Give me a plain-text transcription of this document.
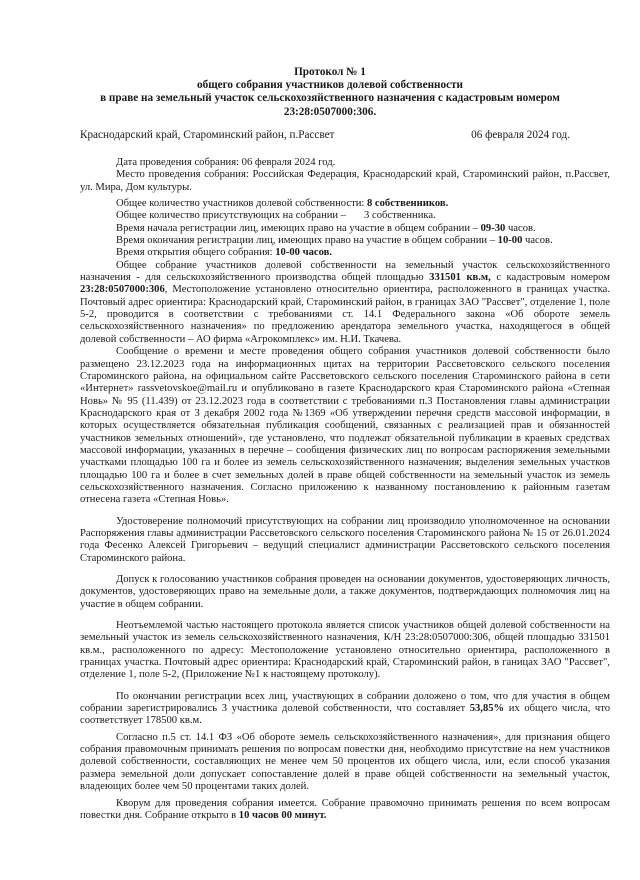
Протокол № 1
общего собрания участников долевой собственности
в праве на земельный участок сельскохозяйственного назначения с кадастровым номером
23:28:0507000:306.
Краснодарский край, Староминский район, п.Рассвет	06 февраля 2024 год.

Дата проведения собрания: 06 февраля 2024 год.

Место проведения собрания: Российская Федерация, Краснодарский край, Староминский район, п.Рассвет, ул. Мира, Дом культуры.

Общее количество участников долевой собственности: 8 собственников.

Общее количество присутствующих на собрании – 3 собственника.

Время начала регистрации лиц, имеющих право на участие в общем собрании – 09-30 часов.

Время окончания регистрации лиц, имеющих право на участие в общем собрании – 10-00 часов.

Время открытия общего собрания: 10-00 часов.

Общее собрание участников долевой собственности на земельный участок сельскохозяйственного назначения - для сельскохозяйственного производства общей площадью 331501 кв.м, с кадастровым номером 23:28:0507000:306, Местоположение установлено относительно ориентира, расположенного в границах участка. Почтовый адрес ориентира: Краснодарский край, Староминский район, в границах ЗАО "Рассвет", отделение 1, поле 5-2, проводится в соответствии с требованиями ст. 14.1 Федерального закона «Об обороте земель сельскохозяйственного назначения» по предложению арендатора земельного участка, находящегося в общей долевой собственности – АО фирма «Агрокомплекс» им. Н.И. Ткачева.

Сообщение о времени и месте проведения общего собрания участников долевой собственности было размещено 23.12.2023 года на информационных щитах на территории Рассветовского сельского поселения Староминского района, на официальном сайте Рассветовского сельского поселения Староминского района в сети «Интернет» rassvetovskoe@mail.ru и опубликовано в газете Краснодарского края Староминского района «Степная Новь» № 95 (11.439) от 23.12.2023 года в соответствии с требованиями п.3 Постановления главы администрации Краснодарского края от 3 декабря 2002 года №1369 «Об утверждении перечня средств массовой информации, в которых осуществляется обязательная публикация сообщений, связанных с реализацией прав и обязанностей участников земельных отношений», где установлено, что подлежат обязательной публикации в краевых средствах массовой информации, указанных в перечне – сообщения физических лиц по вопросам распоряжения земельными участками площадью 100 га и более из земель сельскохозяйственного назначения; выделения земельных участков площадью 100 га и более в счет земельных долей в праве общей собственности на земельный участок из земель сельскохозяйственного назначения. Согласно приложению к названному постановлению к районным газетам отнесена газета «Степная Новь».

Удостоверение полномочий присутствующих на собрании лиц производило уполномоченное на основании Распоряжения главы администрации Рассветовского сельского поселения Староминского района № 15 от 26.01.2024 года Фесенко Алексей Григорьевич – ведущий специалист администрации Рассветовского сельского поселения Староминского района.

Допуск к голосованию участников собрания проведен на основании документов, удостоверяющих личность, документов, удостоверяющих право на земельные доли, а также документов, подтверждающих полномочия лиц на участие в общем собрании.

Неотъемлемой частью настоящего протокола является список участников общей долевой собственности на земельный участок из земель сельскохозяйственного назначения, К/Н 23:28:0507000:306, общей площадью 331501 кв.м., расположенного по адресу: Местоположение установлено относительно ориентира, расположенного в границах участка. Почтовый адрес ориентира: Краснодарский край, Староминский район, в ганицах ЗАО "Рассвет", отделение 1, поле 5-2, (Приложение №1 к настоящему протоколу).

По окончании регистрации всех лиц, участвующих в собрании доложено о том, что для участия в общем собрании зарегистрировались 3 участника долевой собственности, что составляет 53,85% их общего числа, что соответствует 178500 кв.м.

Согласно п.5 ст. 14.1 ФЗ «Об обороте земель сельскохозяйственного назначения», для признания общего собрания правомочным принимать решения по вопросам повестки дня, необходимо присутствие на нем участников долевой собственности, составляющих не менее чем 50 процентов их общего числа, или, если способ указания размера земельной доли допускает сопоставление долей в праве общей собственности на земельный участок, владеющих более чем 50 процентами таких долей.

Кворум для проведения собрания имеется. Собрание правомочно принимать решения по всем вопросам повестки дня. Собрание открыто в 10 часов 00 минут.
